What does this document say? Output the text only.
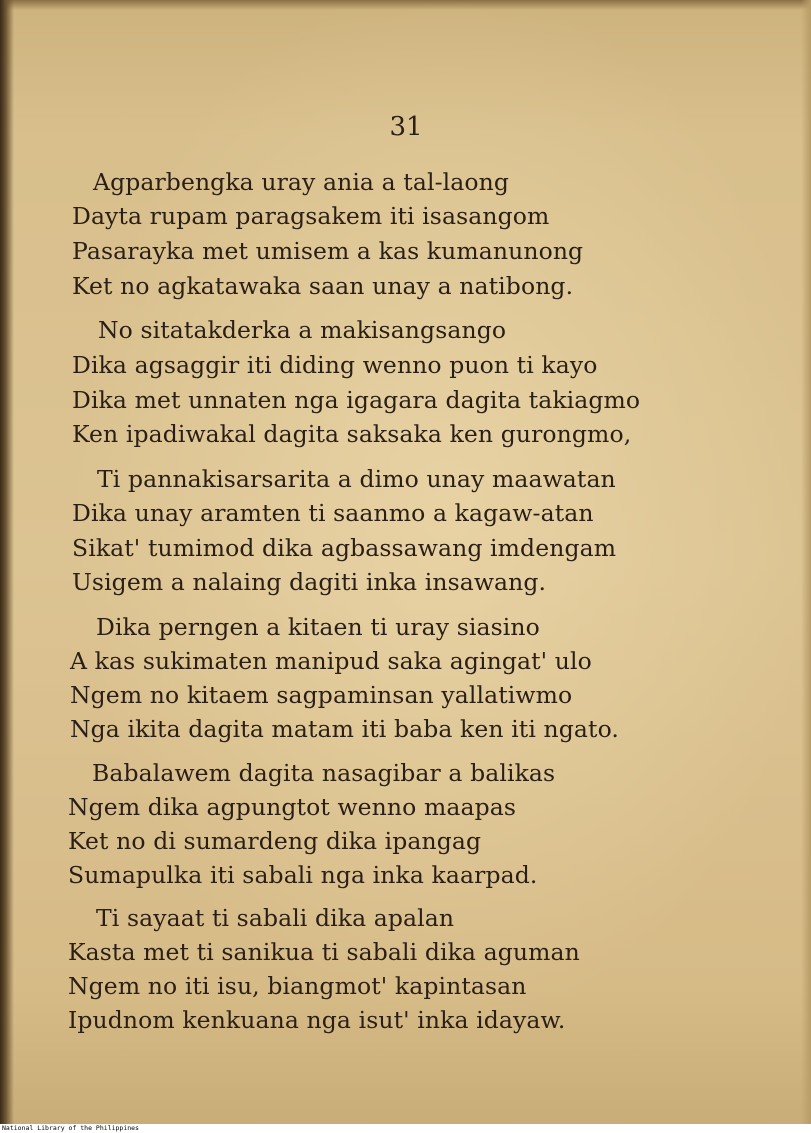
31
Agparbengka uray ania a tal-laong
Dayta rupam paragsakem iti isasangom
Pasarayka met umisem a kas kumanunong
Ket no agkatawaka saan unay a natibong.
No sitatakderka a makisangsango
Dika agsaggir iti diding wenno puon ti kayo
Dika met unnaten nga igagara dagita takiagmo
Ken ipadiwakal dagita saksaka ken gurongmo,
Ti pannakisarsarita a dimo unay maawatan
Dika unay aramten ti saanmo a kagaw-atan
Sikat' tumimod dika agbassawang imdengam
Usigem a nalaing dagiti inka insawang.
Dika perngen a kitaen ti uray siasino
A kas sukimaten manipud saka agingat' ulo
Ngem no kitaem sagpaminsan yallatiwmo
Nga ikita dagita matam iti baba ken iti ngato.
Babalawem dagita nasagibar a balikas
Ngem dika agpungtot wenno maapas
Ket no di sumardeng dika ipangag
Sumapulka iti sabali nga inka kaarpad.
Ti sayaat ti sabali dika apalan
Kasta met ti sanikua ti sabali dika aguman
Ngem no iti isu, biangmot' kapintasan
Ipudnom kenkuana nga isut' inka idayaw.
National Library of the Philippines
